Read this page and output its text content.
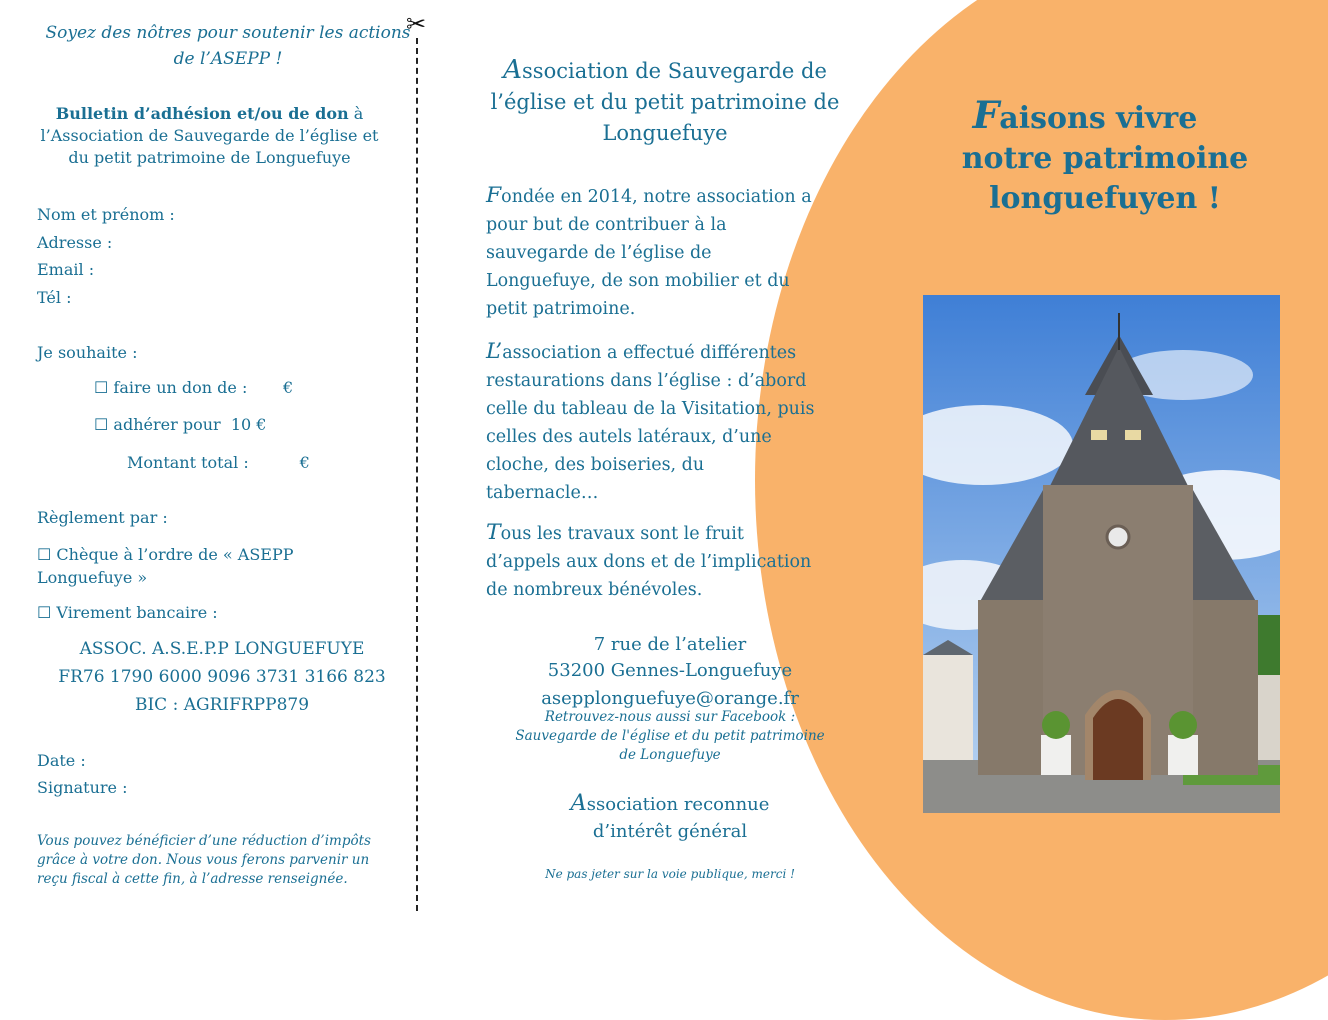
✂
Soyez des nôtres pour soutenir les actions de l’ASEPP !
Bulletin d’adhésion et/ou de don à
l’Association de Sauvegarde de l’église et
du petit patrimoine de Longuefuye
Nom et prénom :
Adresse :
Email :
Tél :
Je souhaite :
☐ faire un don de :       €
☐ adhérer pour  10 €
Montant total :          €
Règlement par :
☐ Chèque à l’ordre de « ASEPP
Longuefuye »
☐ Virement bancaire :
ASSOC. A.S.E.P.P LONGUEFUYE
FR76 1790 6000 9096 3731 3166 823
BIC : AGRIFRPP879
Date :
Signature :
Vous pouvez bénéficier d’une réduction d’impôts
grâce à votre don. Nous vous ferons parvenir un
reçu fiscal à cette fin, à l’adresse renseignée.
Association de Sauvegarde de
l’église et du petit patrimoine de
Longuefuye
Fondée en 2014, notre association a
pour but de contribuer à la
sauvegarde de l’église de
Longuefuye, de son mobilier et du
petit patrimoine.
L’association a effectué différentes
restaurations dans l’église : d’abord
celle du tableau de la Visitation, puis
celles des autels latéraux, d’une
cloche, des boiseries, du
tabernacle…
Tous les travaux sont le fruit
d’appels aux dons et de l’implication
de nombreux bénévoles.
7 rue de l’atelier
53200 Gennes-Longuefuye
asepplonguefuye@orange.fr
Retrouvez-nous aussi sur Facebook :
Sauvegarde de l'église et du petit patrimoine
de Longuefuye
Association reconnue
d’intérêt général
Ne pas jeter sur la voie publique, merci !
Faisons vivre
notre patrimoine
longuefuyen !
